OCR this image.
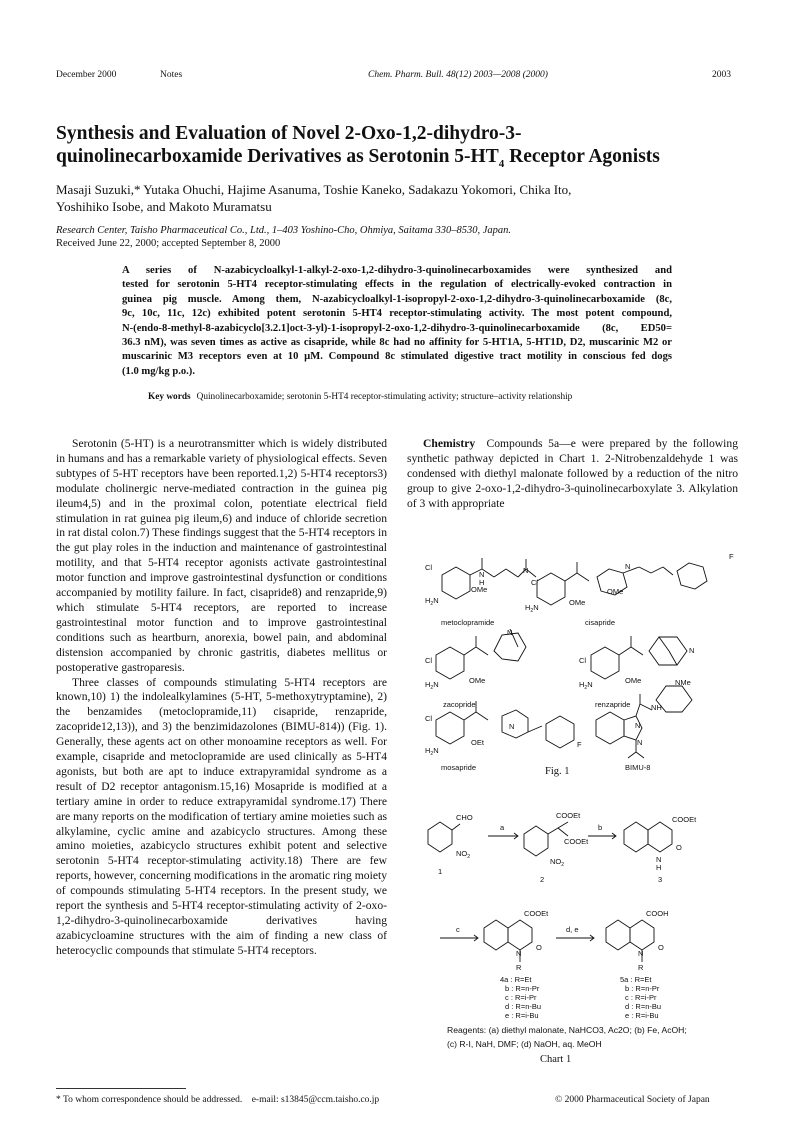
December 2000	Notes	Chem. Pharm. Bull. 48(12) 2003—2008 (2000)	2003
Synthesis and Evaluation of Novel 2-Oxo-1,2-dihydro-3-
quinolinecarboxamide Derivatives as Serotonin $5-HT_4$ Receptor Agonists
Masaji Suzuki,* Yutaka Ohuchi, Hajime Asanuma, Toshie Kaneko, Sadakazu Yokomori, Chika Ito,
Yoshihiko Isobe, and Makoto Muramatsu
Research Center, Taisho Pharmaceutical Co., Ltd., 1–403 Yoshino-Cho, Ohmiya, Saitama 330–8530, Japan.
Received June 22, 2000; accepted September 8, 2000
A series of N-azabicycloalkyl-1-alkyl-2-oxo-1,2-dihydro-3-quinolinecarboxamides were synthesized and
tested for serotonin 5-HT4 receptor-stimulating effects in the regulation of electrically-evoked contraction in
guinea pig muscle. Among them, N-azabicycloalkyl-1-isopropyl-2-oxo-1,2-dihydro-3-quinolinecarboxamide (8c,
9c, 10c, 11c, 12c) exhibited potent serotonin 5-HT4 receptor-stimulating activity. The most potent compound,
N-(endo-8-methyl-8-azabicyclo[3.2.1]oct-3-yl)-1-isopropyl-2-oxo-1,2-dihydro-3-quinolinecarboxamide (8c, ED50=
36.3 nM), was seven times as active as cisapride, while 8c had no affinity for 5-HT1A, 5-HT1D, D2, muscarinic M2 or
muscarinic M3 receptors even at 10 µM. Compound 8c stimulated digestive tract motility in conscious fed dogs
(1.0 mg/kg p.o.).
Key words Quinolinecarboxamide; serotonin 5-HT4 receptor-stimulating activity; structure–activity relationship

Serotonin (5-HT) is a neurotransmitter which is widely distributed in humans and has a remarkable variety of physiological effects. Seven subtypes of 5-HT receptors have been reported.1,2) 5-HT4 receptors3) modulate cholinergic nerve-mediated contraction in the guinea pig ileum4,5) and in the proximal colon, potentiate electrical field stimulation in rat guinea pig ileum,6) and induce of chloride secretion in rat distal colon.7) These findings suggest that the 5-HT4 receptors in the gut play roles in the induction and maintenance of gastrointestinal motility, and that 5-HT4 receptor agonists activate gastrointestinal motor function and improve gastrointestinal dysfunction or conditions accompanied by motility failure. In fact, cisapride8) and renzapride,9) which stimulate 5-HT4 receptors, are reported to increase gastrointestinal motor function and to improve gastrointestinal conditions such as heartburn, anorexia, bowel pain, and abdominal distension accompanied by chronic gastritis, diabetes mellitus or postoperative gastroparesis.

Three classes of compounds stimulating 5-HT4 receptors are known,10) 1) the indolealkylamines (5-HT, 5-methoxytryptamine), 2) the benzamides (metoclopramide,11) cisapride, renzapride, zacopride12,13)), and 3) the benzimidazolones (BIMU-814)) (Fig. 1). Generally, these agents act on other monoamine receptors as well. For example, cisapride and metoclopramide are used clinically as 5-HT4 agonists, but both are apt to induce extrapyramidal syndrome as a result of D2 receptor antagonism.15,16) Mosapride is modified at a tertiary amine in order to reduce extrapyramidal syndrome.17) There are many reports on the modification of tertiary amine moieties such as alkylamine, cyclic amine and azabicyclo structures. Among these amino moieties, azabicyclo structures exhibit potent and selective serotonin 5-HT4 receptor-stimulating activity.18) There are few reports, however, concerning modifications in the aromatic ring moiety of compounds stimulating 5-HT4 receptors. In the present study, we report the synthesis and 5-HT4 receptor-stimulating activity of 2-oxo-1,2-dihydro-3-quinolinecarboxamide derivatives having azabicycloamine structures with the aim of finding a new class of heterocyclic compounds that stimulate 5-HT4 receptors.

Chemistry Compounds 5a—e were prepared by the following synthetic pathway depicted in Chart 1. 2-Nitrobenzaldehyde 1 was condensed with diethyl malonate followed by a reduction of the nitro group to give 2-oxo-1,2-dihydro-3-quinolinecarboxylate 3. Alkylation of 3 with appropriate

Cl
$H_2N$
OMe
N
H
N
metoclopramide
Cl
$H_2N$
OMe
OMe
N
F
cisapride
Cl
$H_2N$	OMe
N
zacopride
Cl
$H_2N$	OMe
N
renzapride
Cl
$H_2N$
OEt
N
F
mosapride
NMe
NH
N
N
BIMU-8
Fig. 1
CHO
$NO_2$
a
COOEt
COOEt
$NO_2$
b
COOEt
N
H
O
1
2	3
c
COOEt
N
O
R
d, e
COOH
N
O
R
4a : R=Et
b : R=n-Pr
c : R=i-Pr
d : R=n-Bu
e : R=i-Bu
5a : R=Et
b : R=n-Pr
c : R=i-Pr
d : R=n-Bu
e : R=i-Bu
Reagents: (a) diethyl malonate, NaHCO3, Ac2O; (b) Fe, AcOH;
(c) R-I, NaH, DMF; (d) NaOH, aq. MeOH
Chart 1
* To whom correspondence should be addressed.    e-mail: s13845@ccm.taisho.co.jp	© 2000 Pharmaceutical Society of Japan
